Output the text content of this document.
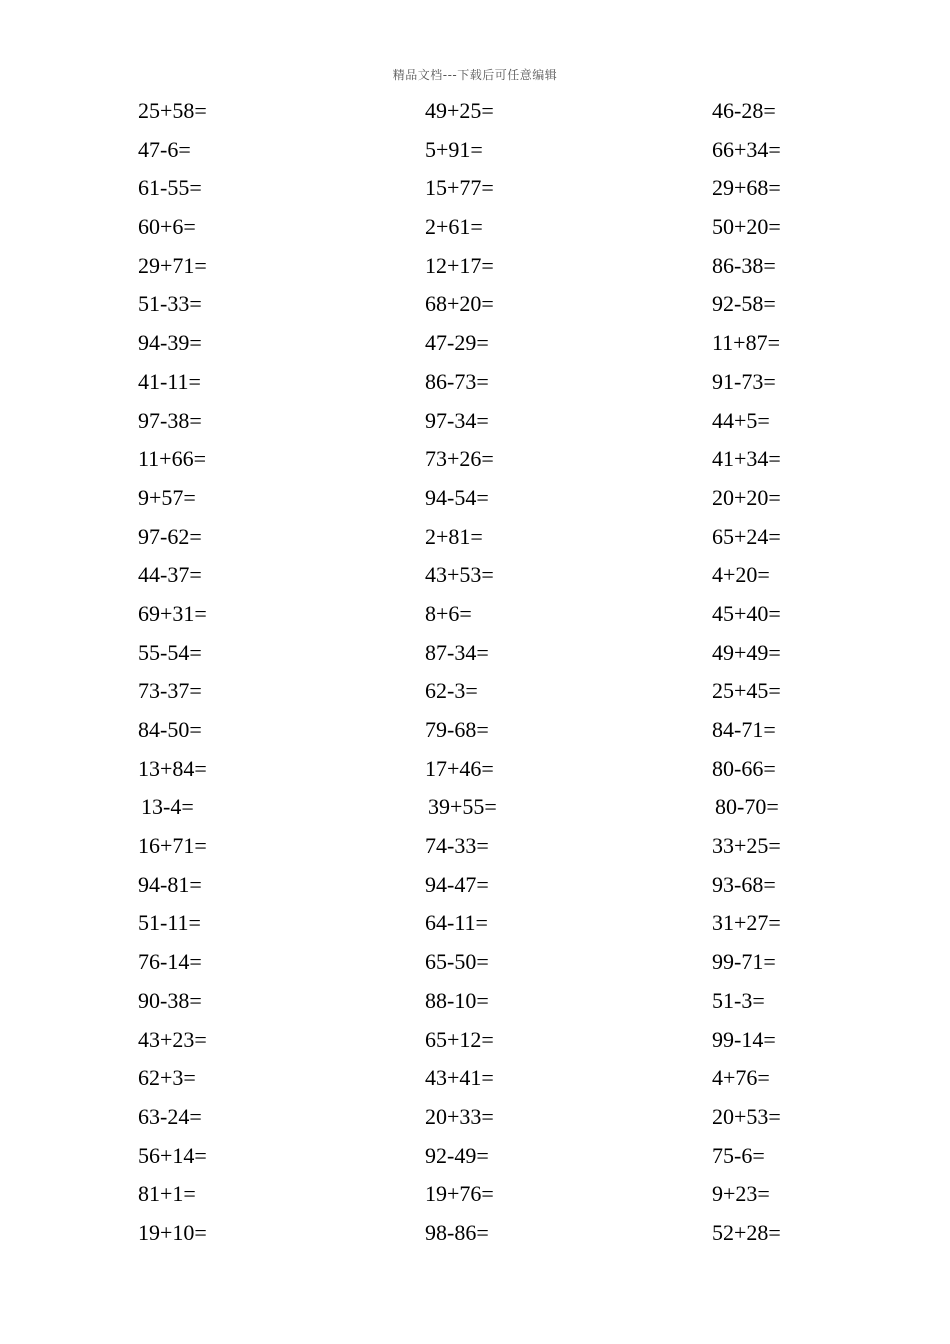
精品文档---下载后可任意编辑
25+58=	49+25=	46-28=
47-6=	5+91=	66+34=
61-55=	15+77=	29+68=
60+6=	2+61=	50+20=
29+71=	12+17=	86-38=
51-33=	68+20=	92-58=
94-39=	47-29=	11+87=
41-11=	86-73=	91-73=
97-38=	97-34=	44+5=
11+66=	73+26=	41+34=
9+57=	94-54=	20+20=
97-62=	2+81=	65+24=
44-37=	43+53=	4+20=
69+31=	8+6=	45+40=
55-54=	87-34=	49+49=
73-37=	62-3=	25+45=
84-50=	79-68=	84-71=
13+84=	17+46=	80-66=
13-4=	39+55=	80-70=
16+71=	74-33=	33+25=
94-81=	94-47=	93-68=
51-11=	64-11=	31+27=
76-14=	65-50=	99-71=
90-38=	88-10=	51-3=
43+23=	65+12=	99-14=
62+3=	43+41=	4+76=
63-24=	20+33=	20+53=
56+14=	92-49=	75-6=
81+1=	19+76=	9+23=
19+10=	98-86=	52+28=
